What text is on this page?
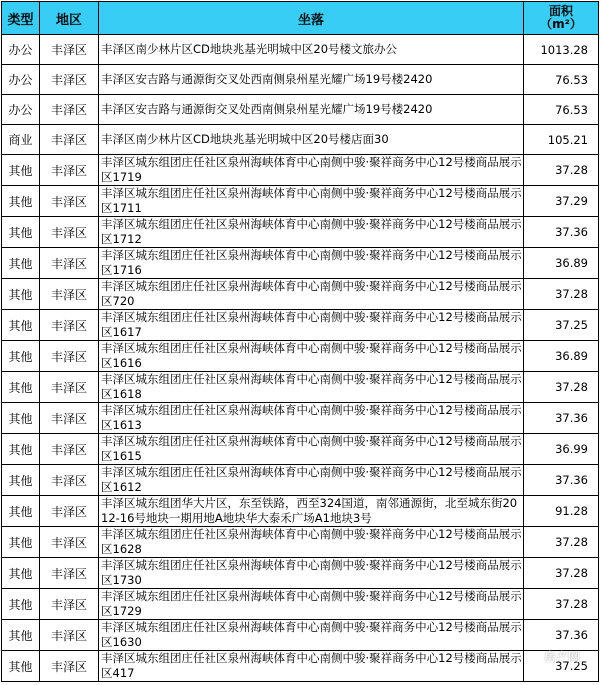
类型	地区	坐落	面积
（m²）
办公	丰泽区	丰泽区南少林片区CD地块兆基光明城中区20号楼文旅办公	1013.28
办公	丰泽区	丰泽区安吉路与通源街交叉处西南侧泉州星光耀广场19号楼2420	76.53
办公	丰泽区	丰泽区安吉路与通源街交叉处西南侧泉州星光耀广场19号楼2420	76.53
商业	丰泽区	丰泽区南少林片区CD地块兆基光明城中区20号楼店面30	105.21
其他	丰泽区	丰泽区城东组团庄任社区泉州海峡体育中心南侧中骏·聚祥商务中心12号楼商品展示区1719	37.28
其他	丰泽区	丰泽区城东组团庄任社区泉州海峡体育中心南侧中骏·聚祥商务中心12号楼商品展示区1711	37.29
其他	丰泽区	丰泽区城东组团庄任社区泉州海峡体育中心南侧中骏·聚祥商务中心12号楼商品展示区1712	37.36
其他	丰泽区	丰泽区城东组团庄任社区泉州海峡体育中心南侧中骏·聚祥商务中心12号楼商品展示区1716	36.89
其他	丰泽区	丰泽区城东组团庄任社区泉州海峡体育中心南侧中骏·聚祥商务中心12号楼商品展示区720	37.28
其他	丰泽区	丰泽区城东组团庄任社区泉州海峡体育中心南侧中骏·聚祥商务中心12号楼商品展示区1617	37.25
其他	丰泽区	丰泽区城东组团庄任社区泉州海峡体育中心南侧中骏·聚祥商务中心12号楼商品展示区1616	36.89
其他	丰泽区	丰泽区城东组团庄任社区泉州海峡体育中心南侧中骏·聚祥商务中心12号楼商品展示区1618	37.28
其他	丰泽区	丰泽区城东组团庄任社区泉州海峡体育中心南侧中骏·聚祥商务中心12号楼商品展示区1613	37.36
其他	丰泽区	丰泽区城东组团庄任社区泉州海峡体育中心南侧中骏·聚祥商务中心12号楼商品展示区1615	36.99
其他	丰泽区	丰泽区城东组团庄任社区泉州海峡体育中心南侧中骏·聚祥商务中心12号楼商品展示区1612	37.36
其他	丰泽区	丰泽区城东组团华大片区，东至铁路，西至324国道，南邻通源街，北至城东街2012-16号地块一期用地A地块华大泰禾广场A1地块3号	91.28
其他	丰泽区	丰泽区城东组团庄任社区泉州海峡体育中心南侧中骏·聚祥商务中心12号楼商品展示区1628	37.28
其他	丰泽区	丰泽区城东组团庄任社区泉州海峡体育中心南侧中骏·聚祥商务中心12号楼商品展示区1730	37.28
其他	丰泽区	丰泽区城东组团庄任社区泉州海峡体育中心南侧中骏·聚祥商务中心12号楼商品展示区1729	37.28
其他	丰泽区	丰泽区城东组团庄任社区泉州海峡体育中心南侧中骏·聚祥商务中心12号楼商品展示区1630	37.36
其他	丰泽区	丰泽区城东组团庄任社区泉州海峡体育中心南侧中骏·聚祥商务中心12号楼商品展示区417	37.25
房产网
